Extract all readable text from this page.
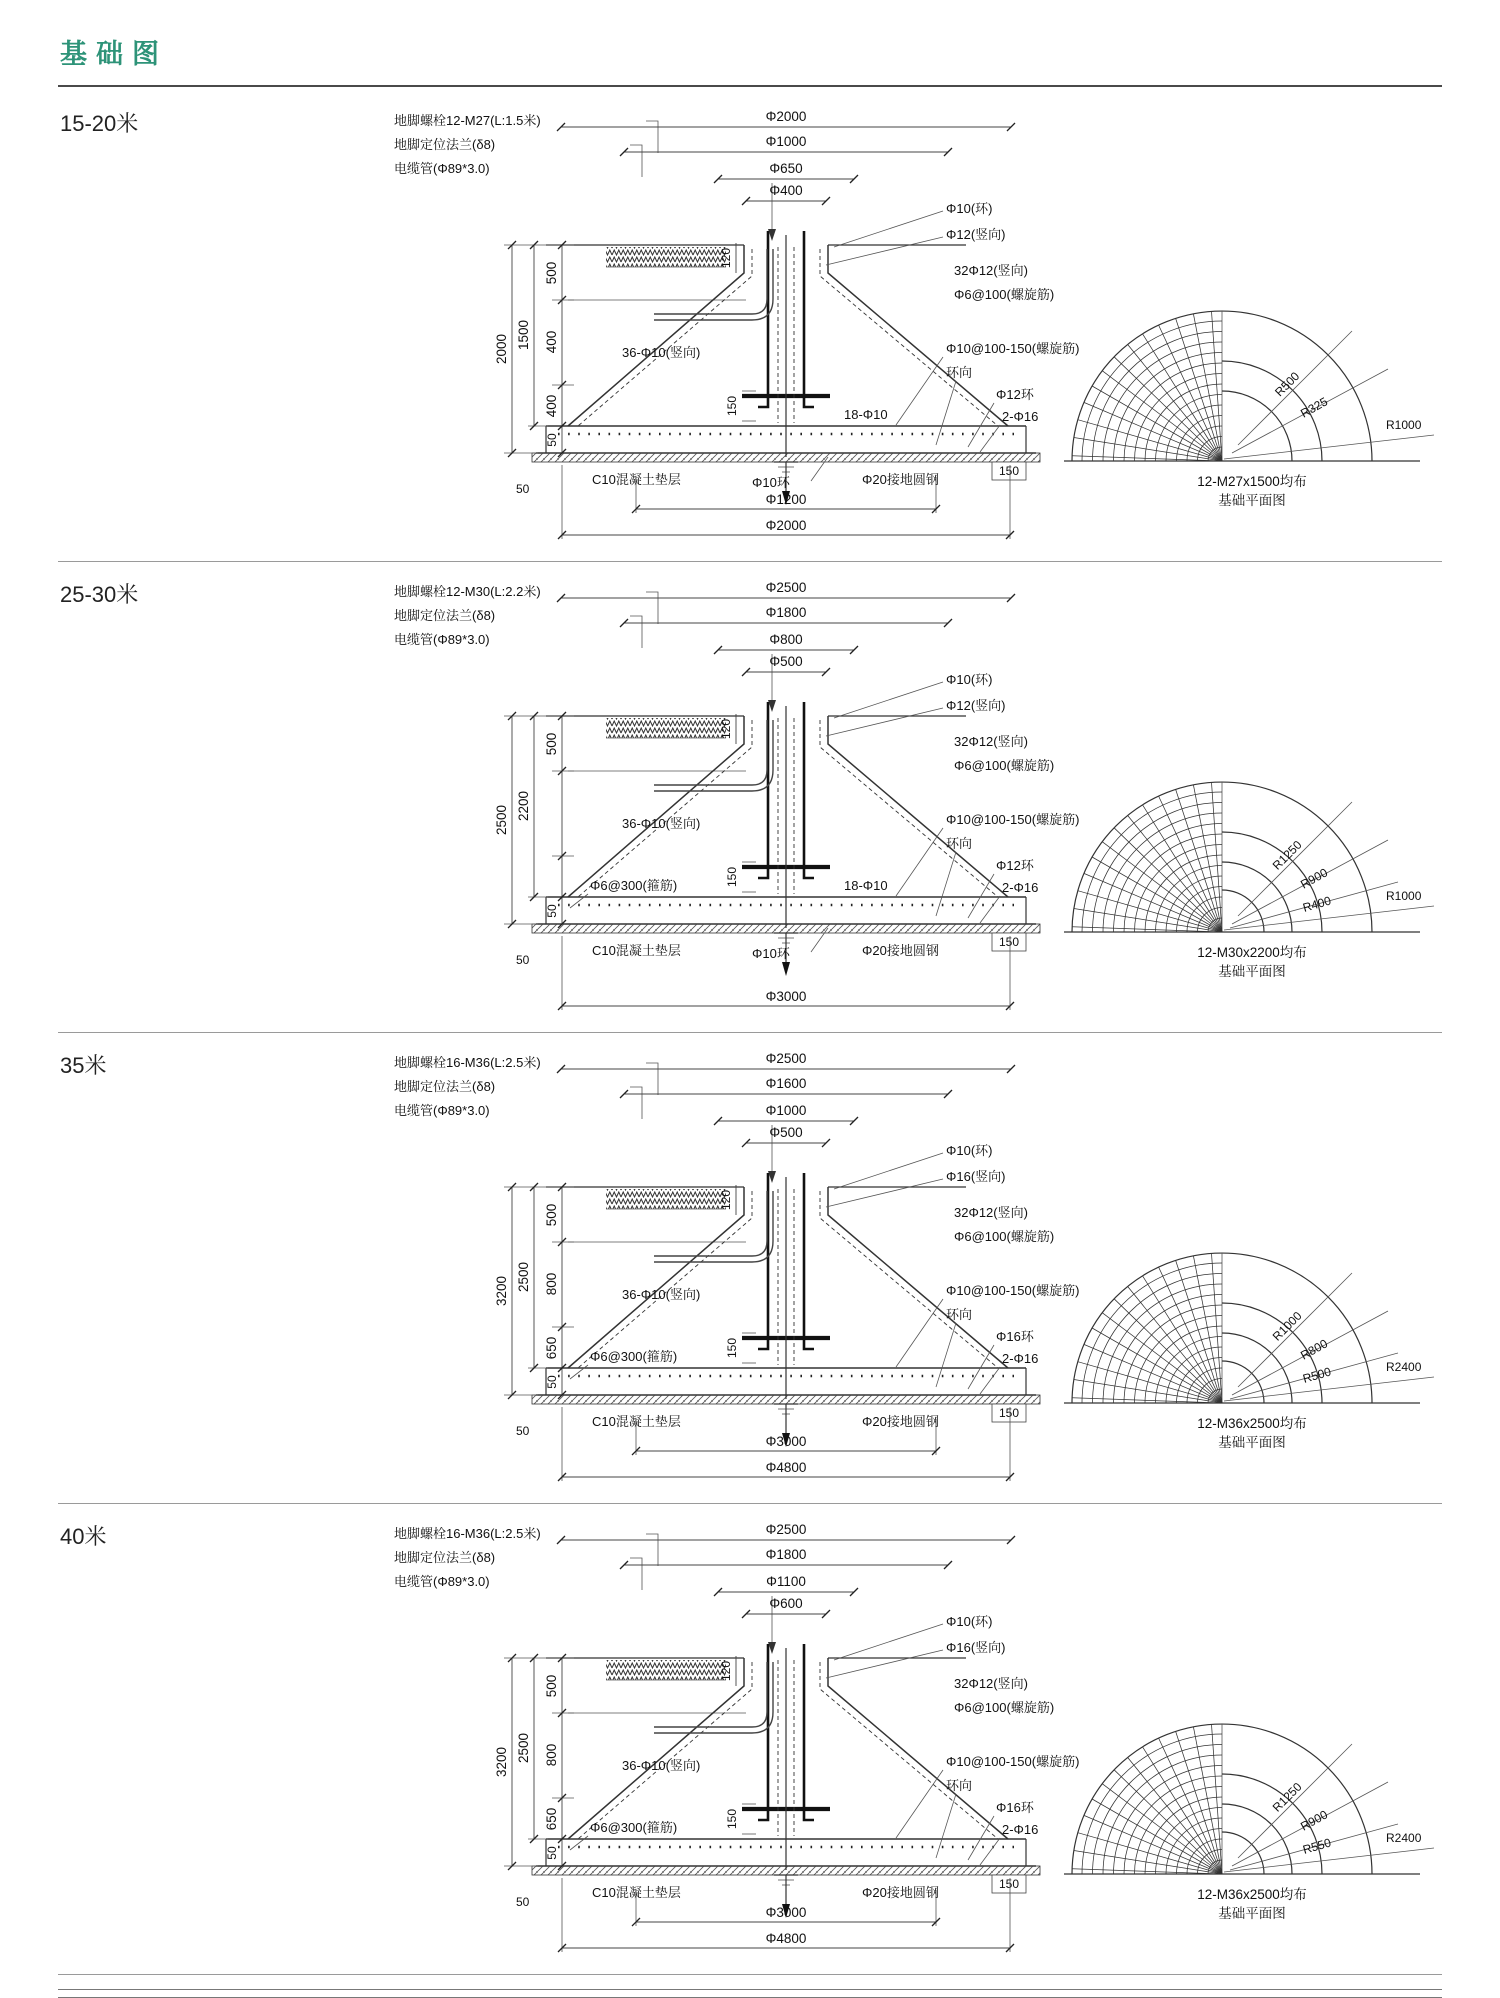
基础图
15-20米	地脚螺栓12-M27(L:1.5米)
地脚定位法兰(δ8)
电缆管(Φ89*3.0)
Φ2000
Φ1000
Φ650
Φ400
2000 1500
500
400
400
50
120
Φ10(环)
Φ12(竖向)
32Φ12(竖向)
Φ6@100(螺旋筋)
Φ10@100-150(螺旋筋)
环向
Φ12环
2-Φ16
36-Φ10(竖向)
18-Φ10
150
C10混凝土垫层	Φ10环	Φ20接地圆钢
150
50
Φ1200
Φ2000
R500
R325
R1000
12-M27x1500均布
基础平面图
25-30米	地脚螺栓12-M30(L:2.2米)
地脚定位法兰(δ8)
电缆管(Φ89*3.0)
Φ2500
Φ1800
Φ800
Φ500
2500 2200
500
50
120
Φ10(环)
Φ12(竖向)
32Φ12(竖向)
Φ6@100(螺旋筋)
Φ10@100-150(螺旋筋)
环向
Φ12环
2-Φ16
36-Φ10(竖向)
Φ6@300(箍筋)	18-Φ10
150
C10混凝土垫层	Φ10环	Φ20接地圆钢
150
50
Φ3000
R400
R1250
R900
R1000
12-M30x2200均布
基础平面图
35米	地脚螺栓16-M36(L:2.5米)
地脚定位法兰(δ8)
电缆管(Φ89*3.0)
Φ2500
Φ1600
Φ1000
Φ500
3200 2500
500
800
650
50
120
Φ10(环)
Φ16(竖向)
32Φ12(竖向)
Φ6@100(螺旋筋)
Φ10@100-150(螺旋筋)
环向
Φ16环
2-Φ16
36-Φ10(竖向)
Φ6@300(箍筋)	150
C10混凝土垫层	Φ20接地圆钢
150
50
Φ3000
Φ4800
R500
R1000
R800
R2400
12-M36x2500均布
基础平面图
40米	地脚螺栓16-M36(L:2.5米)
地脚定位法兰(δ8)
电缆管(Φ89*3.0)
Φ2500
Φ1800
Φ1100
Φ600
3200 2500
500
800
650
50
120
Φ10(环)
Φ16(竖向)
32Φ12(竖向)
Φ6@100(螺旋筋)
Φ10@100-150(螺旋筋)
环向
Φ16环
2-Φ16
36-Φ10(竖向)
Φ6@300(箍筋)	150
C10混凝土垫层	Φ20接地圆钢
150
50
Φ3000
Φ4800
R550
R1250
R900
R2400
12-M36x2500均布
基础平面图
